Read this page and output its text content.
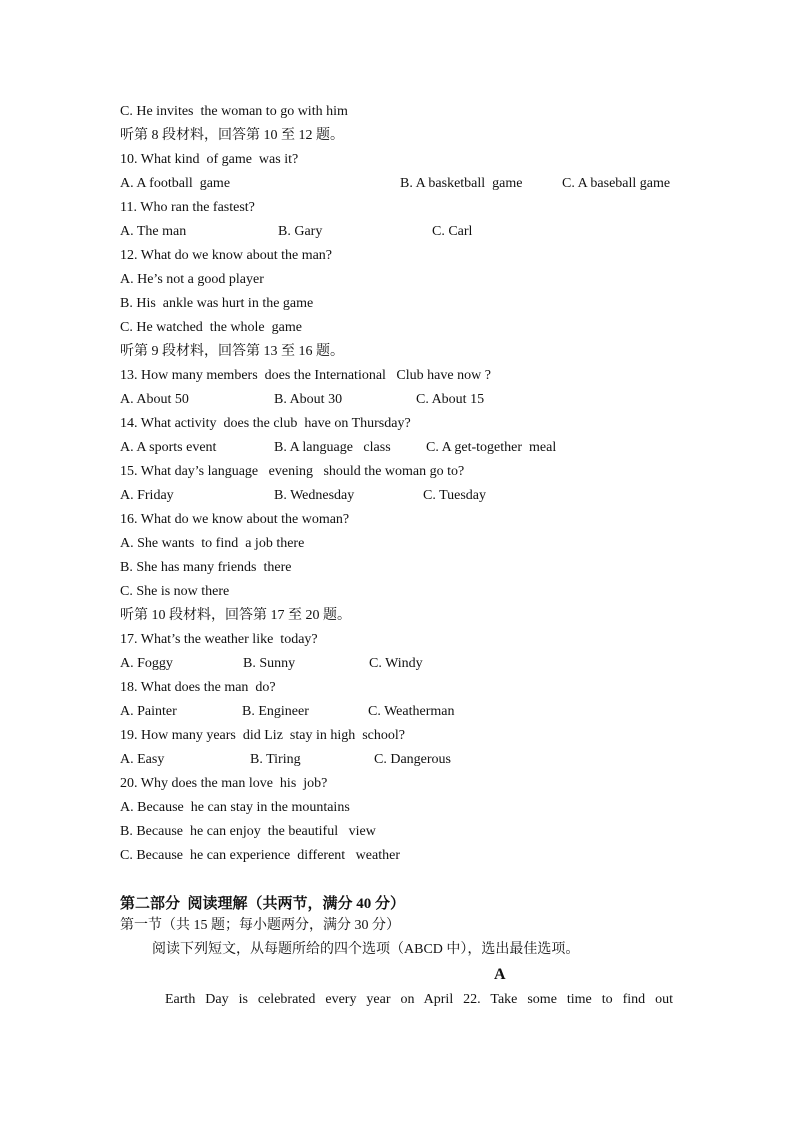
C. He invites  the woman to go with him
听第 8 段材料，回答第 10 至 12 题。
10. What kind  of game  was it?
A. A football  game	B. A basketball  game	C. A baseball game
11. Who ran the fastest?
A. The man	B. Gary	C. Carl
12. What do we know about the man?
A. He’s not a good player
B. His  ankle was hurt in the game
C. He watched  the whole  game
听第 9 段材料，回答第 13 至 16 题。
13. How many members  does the International   Club have now ?
A. About 50	B. About 30	C. About 15
14. What activity  does the club  have on Thursday?
A. A sports event	B. A language   class	C. A get-together  meal
15. What day’s language   evening   should the woman go to?
A. Friday	B. Wednesday	C. Tuesday
16. What do we know about the woman?
A. She wants  to find  a job there
B. She has many friends  there
C. She is now there
听第 10 段材料，回答第 17 至 20 题。
17. What’s the weather like  today?
A. Foggy	B. Sunny	C. Windy
18. What does the man  do?
A. Painter	B. Engineer	C. Weatherman
19. How many years  did Liz  stay in high  school?
A. Easy	B. Tiring	C. Dangerous
20. Why does the man love  his  job?
A. Because  he can stay in the mountains
B. Because  he can enjoy  the beautiful   view
C. Because  he can experience  different   weather
第二部分  阅读理解（共两节，满分 40 分）
第一节（共 15 题；每小题两分，满分 30 分）
阅读下列短文，从每题所给的四个选项（ABCD 中），选出最佳选项。
A
Earth Day is celebrated every year on April 22. Take some time to find out
